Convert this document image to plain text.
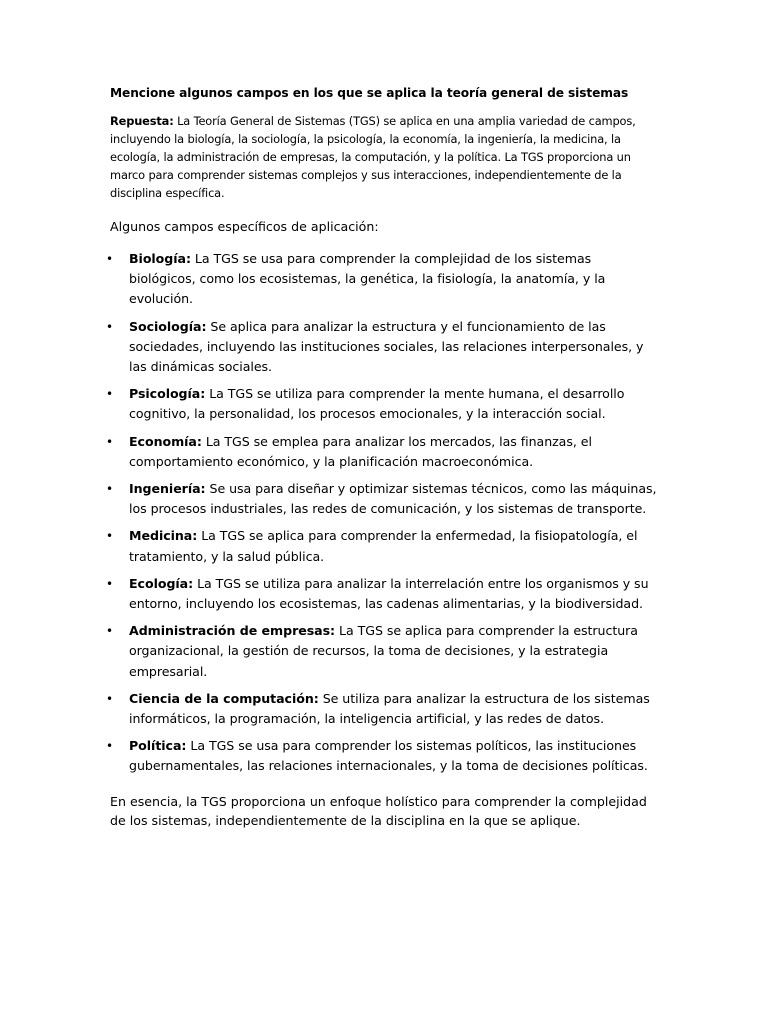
Mencione algunos campos en los que se aplica la teoría general de sistemas

Repuesta: La Teoría General de Sistemas (TGS) se aplica en una amplia variedad de campos, incluyendo la biología, la sociología, la psicología, la economía, la ingeniería, la medicina, la ecología, la administración de empresas, la computación, y la política. La TGS proporciona un marco para comprender sistemas complejos y sus interacciones, independientemente de la disciplina específica.

Algunos campos específicos de aplicación:

• Biología: La TGS se usa para comprender la complejidad de los sistemas biológicos, como los ecosistemas, la genética, la fisiología, la anatomía, y la evolución.
• Sociología: Se aplica para analizar la estructura y el funcionamiento de las sociedades, incluyendo las instituciones sociales, las relaciones interpersonales, y las dinámicas sociales.
• Psicología: La TGS se utiliza para comprender la mente humana, el desarrollo cognitivo, la personalidad, los procesos emocionales, y la interacción social.
• Economía: La TGS se emplea para analizar los mercados, las finanzas, el comportamiento económico, y la planificación macroeconómica.
• Ingeniería: Se usa para diseñar y optimizar sistemas técnicos, como las máquinas, los procesos industriales, las redes de comunicación, y los sistemas de transporte.
• Medicina: La TGS se aplica para comprender la enfermedad, la fisiopatología, el tratamiento, y la salud pública.
• Ecología: La TGS se utiliza para analizar la interrelación entre los organismos y su entorno, incluyendo los ecosistemas, las cadenas alimentarias, y la biodiversidad.
• Administración de empresas: La TGS se aplica para comprender la estructura organizacional, la gestión de recursos, la toma de decisiones, y la estrategia empresarial.
• Ciencia de la computación: Se utiliza para analizar la estructura de los sistemas informáticos, la programación, la inteligencia artificial, y las redes de datos.
• Política: La TGS se usa para comprender los sistemas políticos, las instituciones gubernamentales, las relaciones internacionales, y la toma de decisiones políticas.

En esencia, la TGS proporciona un enfoque holístico para comprender la complejidad de los sistemas, independientemente de la disciplina en la que se aplique.
